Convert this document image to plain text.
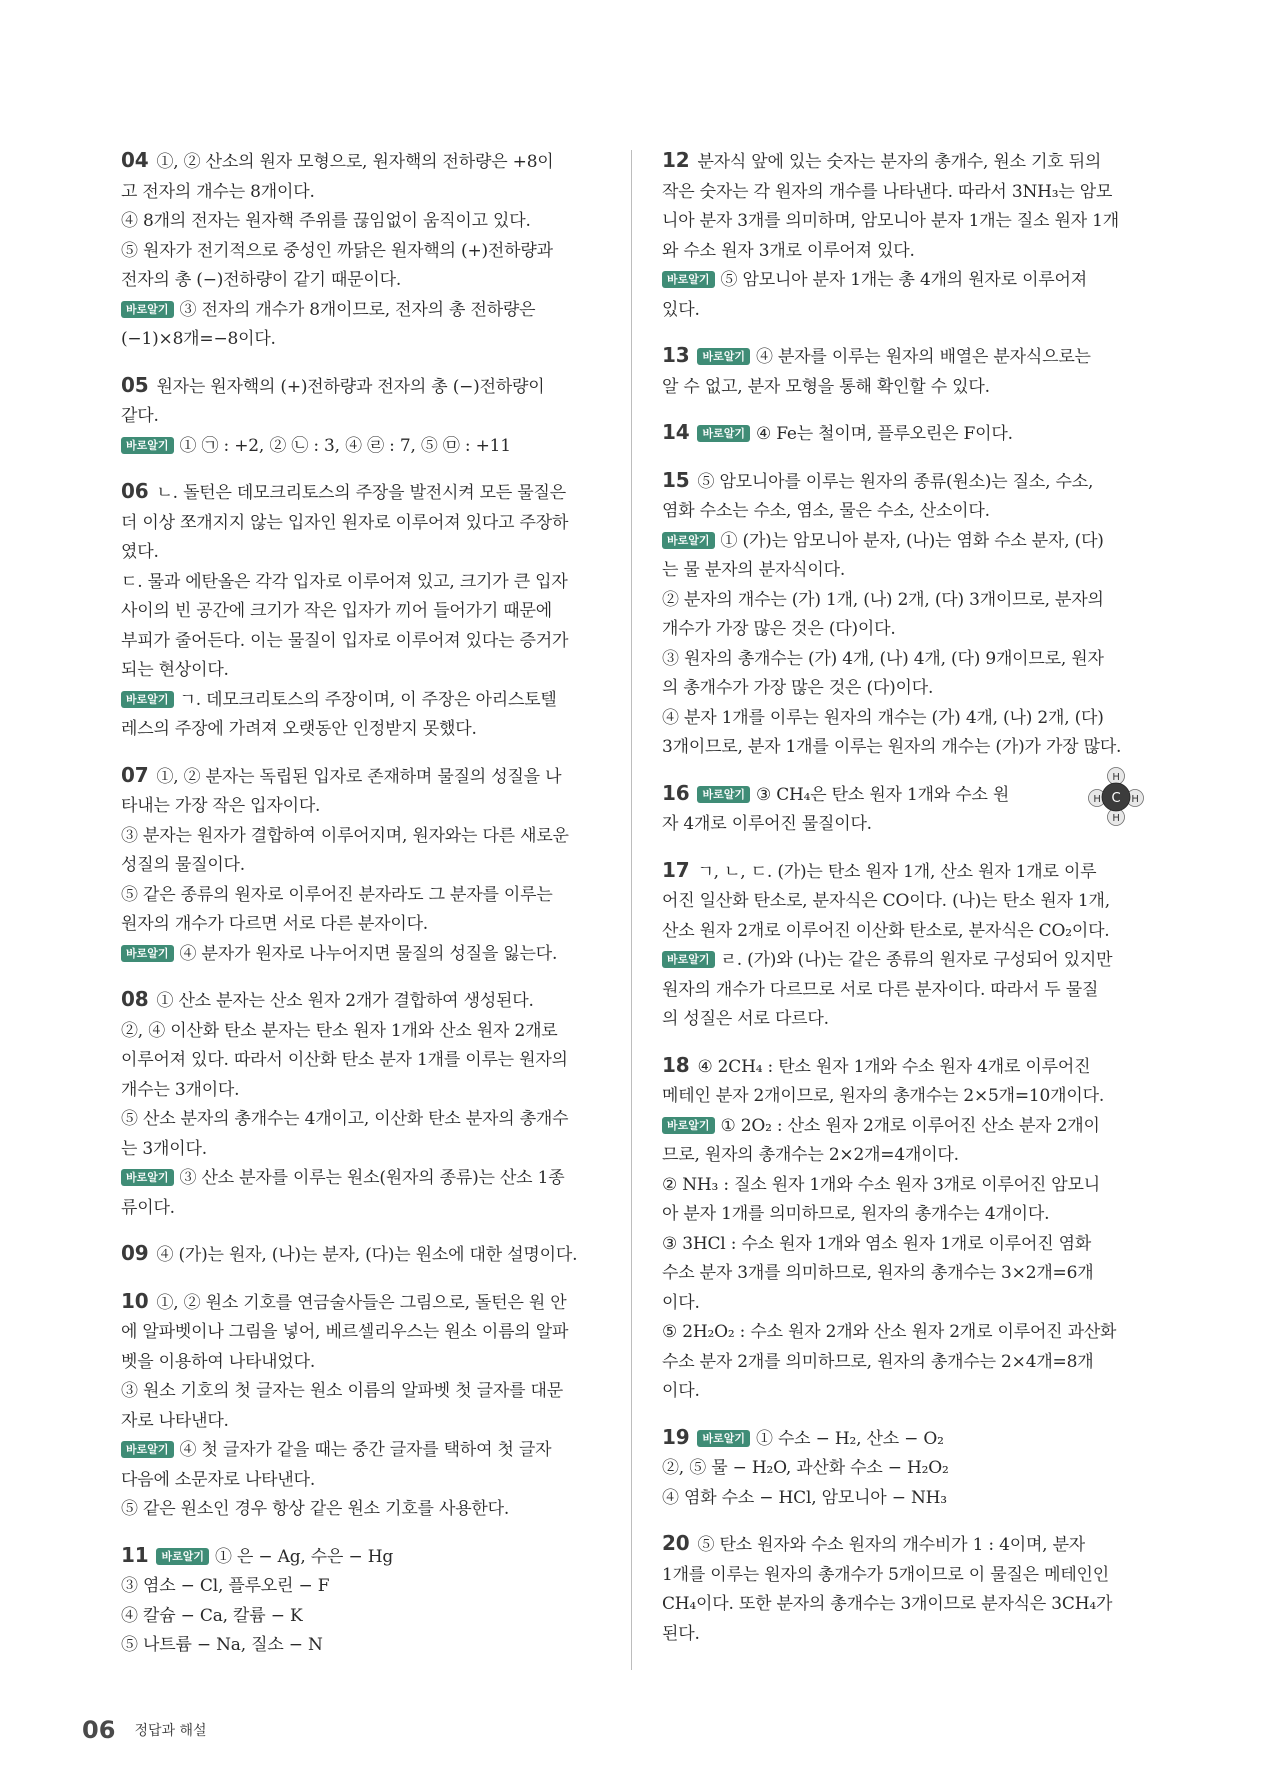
04 ①, ② 산소의 원자 모형으로, 원자핵의 전하량은 +8이
고 전자의 개수는 8개이다.
④ 8개의 전자는 원자핵 주위를 끊임없이 움직이고 있다.
⑤ 원자가 전기적으로 중성인 까닭은 원자핵의 (+)전하량과
전자의 총 (−)전하량이 같기 때문이다.
바로알기 ③ 전자의 개수가 8개이므로, 전자의 총 전하량은
(−1)×8개=−8이다.
05 원자는 원자핵의 (+)전하량과 전자의 총 (−)전하량이
같다.
바로알기 ① ㉠ : +2, ② ㉡ : 3, ④ ㉣ : 7, ⑤ ㉤ : +11
06 ㄴ. 돌턴은 데모크리토스의 주장을 발전시켜 모든 물질은
더 이상 쪼개지지 않는 입자인 원자로 이루어져 있다고 주장하
였다.
ㄷ. 물과 에탄올은 각각 입자로 이루어져 있고, 크기가 큰 입자
사이의 빈 공간에 크기가 작은 입자가 끼어 들어가기 때문에
부피가 줄어든다. 이는 물질이 입자로 이루어져 있다는 증거가
되는 현상이다.
바로알기 ㄱ. 데모크리토스의 주장이며, 이 주장은 아리스토텔
레스의 주장에 가려져 오랫동안 인정받지 못했다.
07 ①, ② 분자는 독립된 입자로 존재하며 물질의 성질을 나
타내는 가장 작은 입자이다.
③ 분자는 원자가 결합하여 이루어지며, 원자와는 다른 새로운
성질의 물질이다.
⑤ 같은 종류의 원자로 이루어진 분자라도 그 분자를 이루는
원자의 개수가 다르면 서로 다른 분자이다.
바로알기 ④ 분자가 원자로 나누어지면 물질의 성질을 잃는다.
08 ① 산소 분자는 산소 원자 2개가 결합하여 생성된다.
②, ④ 이산화 탄소 분자는 탄소 원자 1개와 산소 원자 2개로
이루어져 있다. 따라서 이산화 탄소 분자 1개를 이루는 원자의
개수는 3개이다.
⑤ 산소 분자의 총개수는 4개이고, 이산화 탄소 분자의 총개수
는 3개이다.
바로알기 ③ 산소 분자를 이루는 원소(원자의 종류)는 산소 1종
류이다.
09 ④ (가)는 원자, (나)는 분자, (다)는 원소에 대한 설명이다.
10 ①, ② 원소 기호를 연금술사들은 그림으로, 돌턴은 원 안
에 알파벳이나 그림을 넣어, 베르셀리우스는 원소 이름의 알파
벳을 이용하여 나타내었다.
③ 원소 기호의 첫 글자는 원소 이름의 알파벳 첫 글자를 대문
자로 나타낸다.
바로알기 ④ 첫 글자가 같을 때는 중간 글자를 택하여 첫 글자
다음에 소문자로 나타낸다.
⑤ 같은 원소인 경우 항상 같은 원소 기호를 사용한다.
11 바로알기 ① 은 − Ag, 수은 − Hg
③ 염소 − Cl, 플루오린 − F
④ 칼슘 − Ca, 칼륨 − K
⑤ 나트륨 − Na, 질소 − N
12 분자식 앞에 있는 숫자는 분자의 총개수, 원소 기호 뒤의
작은 숫자는 각 원자의 개수를 나타낸다. 따라서 3NH₃는 암모
니아 분자 3개를 의미하며, 암모니아 분자 1개는 질소 원자 1개
와 수소 원자 3개로 이루어져 있다.
바로알기 ⑤ 암모니아 분자 1개는 총 4개의 원자로 이루어져
있다.
13 바로알기 ④ 분자를 이루는 원자의 배열은 분자식으로는
알 수 없고, 분자 모형을 통해 확인할 수 있다.
14 바로알기 ④ Fe는 철이며, 플루오린은 F이다.
15 ⑤ 암모니아를 이루는 원자의 종류(원소)는 질소, 수소,
염화 수소는 수소, 염소, 물은 수소, 산소이다.
바로알기 ① (가)는 암모니아 분자, (나)는 염화 수소 분자, (다)
는 물 분자의 분자식이다.
② 분자의 개수는 (가) 1개, (나) 2개, (다) 3개이므로, 분자의
개수가 가장 많은 것은 (다)이다.
③ 원자의 총개수는 (가) 4개, (나) 4개, (다) 9개이므로, 원자
의 총개수가 가장 많은 것은 (다)이다.
④ 분자 1개를 이루는 원자의 개수는 (가) 4개, (나) 2개, (다)
3개이므로, 분자 1개를 이루는 원자의 개수는 (가)가 가장 많다.
H
H	H
H
C
16 바로알기 ③ CH₄은 탄소 원자 1개와 수소 원
자 4개로 이루어진 물질이다.
17 ㄱ, ㄴ, ㄷ. (가)는 탄소 원자 1개, 산소 원자 1개로 이루
어진 일산화 탄소로, 분자식은 CO이다. (나)는 탄소 원자 1개,
산소 원자 2개로 이루어진 이산화 탄소로, 분자식은 CO₂이다.
바로알기 ㄹ. (가)와 (나)는 같은 종류의 원자로 구성되어 있지만
원자의 개수가 다르므로 서로 다른 분자이다. 따라서 두 물질
의 성질은 서로 다르다.
18 ④ 2CH₄ : 탄소 원자 1개와 수소 원자 4개로 이루어진
메테인 분자 2개이므로, 원자의 총개수는 2×5개=10개이다.
바로알기 ① 2O₂ : 산소 원자 2개로 이루어진 산소 분자 2개이
므로, 원자의 총개수는 2×2개=4개이다.
② NH₃ : 질소 원자 1개와 수소 원자 3개로 이루어진 암모니
아 분자 1개를 의미하므로, 원자의 총개수는 4개이다.
③ 3HCl : 수소 원자 1개와 염소 원자 1개로 이루어진 염화
수소 분자 3개를 의미하므로, 원자의 총개수는 3×2개=6개
이다.
⑤ 2H₂O₂ : 수소 원자 2개와 산소 원자 2개로 이루어진 과산화
수소 분자 2개를 의미하므로, 원자의 총개수는 2×4개=8개
이다.
19 바로알기 ① 수소 − H₂, 산소 − O₂
②, ⑤ 물 − H₂O, 과산화 수소 − H₂O₂
④ 염화 수소 − HCl, 암모니아 − NH₃
20 ⑤ 탄소 원자와 수소 원자의 개수비가 1 : 4이며, 분자
1개를 이루는 원자의 총개수가 5개이므로 이 물질은 메테인인
CH₄이다. 또한 분자의 총개수는 3개이므로 분자식은 3CH₄가
된다.
06 정답과 해설
